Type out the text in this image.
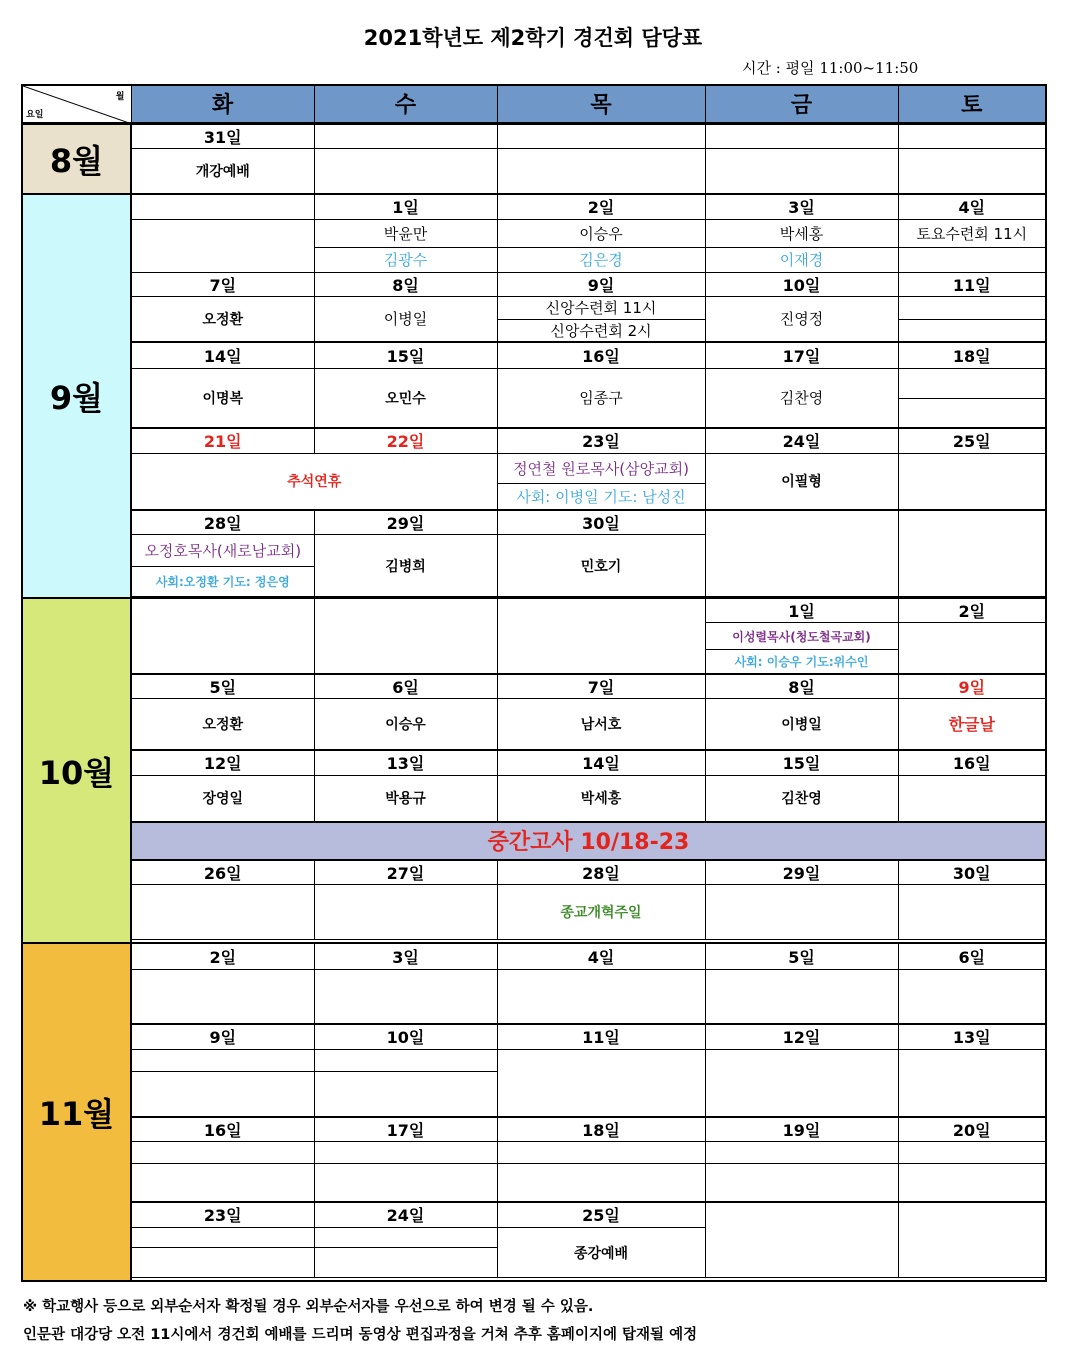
2021학년도 제2학기 경건회 담당표
시간 : 평일 11:00~11:50
월
요일	화	수	목	금	토
8월	31일				
	개강예배				
9월		1일	2일	3일	4일
		박윤만	이승우	박세홍	토요수련회 11시
		김광수	김은경	이재경	
	7일	8일	9일	10일	11일
	오정환	이병일	신앙수련회 11시	진영정	
			신앙수련회 2시		
	14일	15일	16일	17일	18일
	이명복	오민수	임종구	김찬영	

	21일	22일	23일	24일	25일
	추석연휴		정연철 원로목사(삼양교회)	이필형	
			사회: 이병일 기도: 남성진		
	28일	29일	30일		
	오정호목사(새로남교회)	김병희	민호기		
	사회:오정환 기도: 정은영				

10월				1일	2일
				이성렬목사(청도철곡교회)	
				사회: 이승우 기도:위수인	
	5일	6일	7일	8일	9일
	오정환	이승우	남서호	이병일	한글날
	12일	13일	14일	15일	16일
	장영일	박용규	박세홍	김찬영	
	중간고사 10/18-23				
	26일	27일	28일	29일	30일
			종교개혁주일		

11월	2일	3일	4일	5일	6일

	9일	10일	11일	12일	13일

	16일	17일	18일	19일	20일

	23일	24일	25일		
			종강예배		

※ 학교행사 등으로 외부순서자 확정될 경우 외부순서자를 우선으로 하여 변경 될 수 있음.
인문관 대강당 오전 11시에서 경건회 예배를 드리며 동영상 편집과정을 거쳐 추후 홈페이지에 탑재될 예정
